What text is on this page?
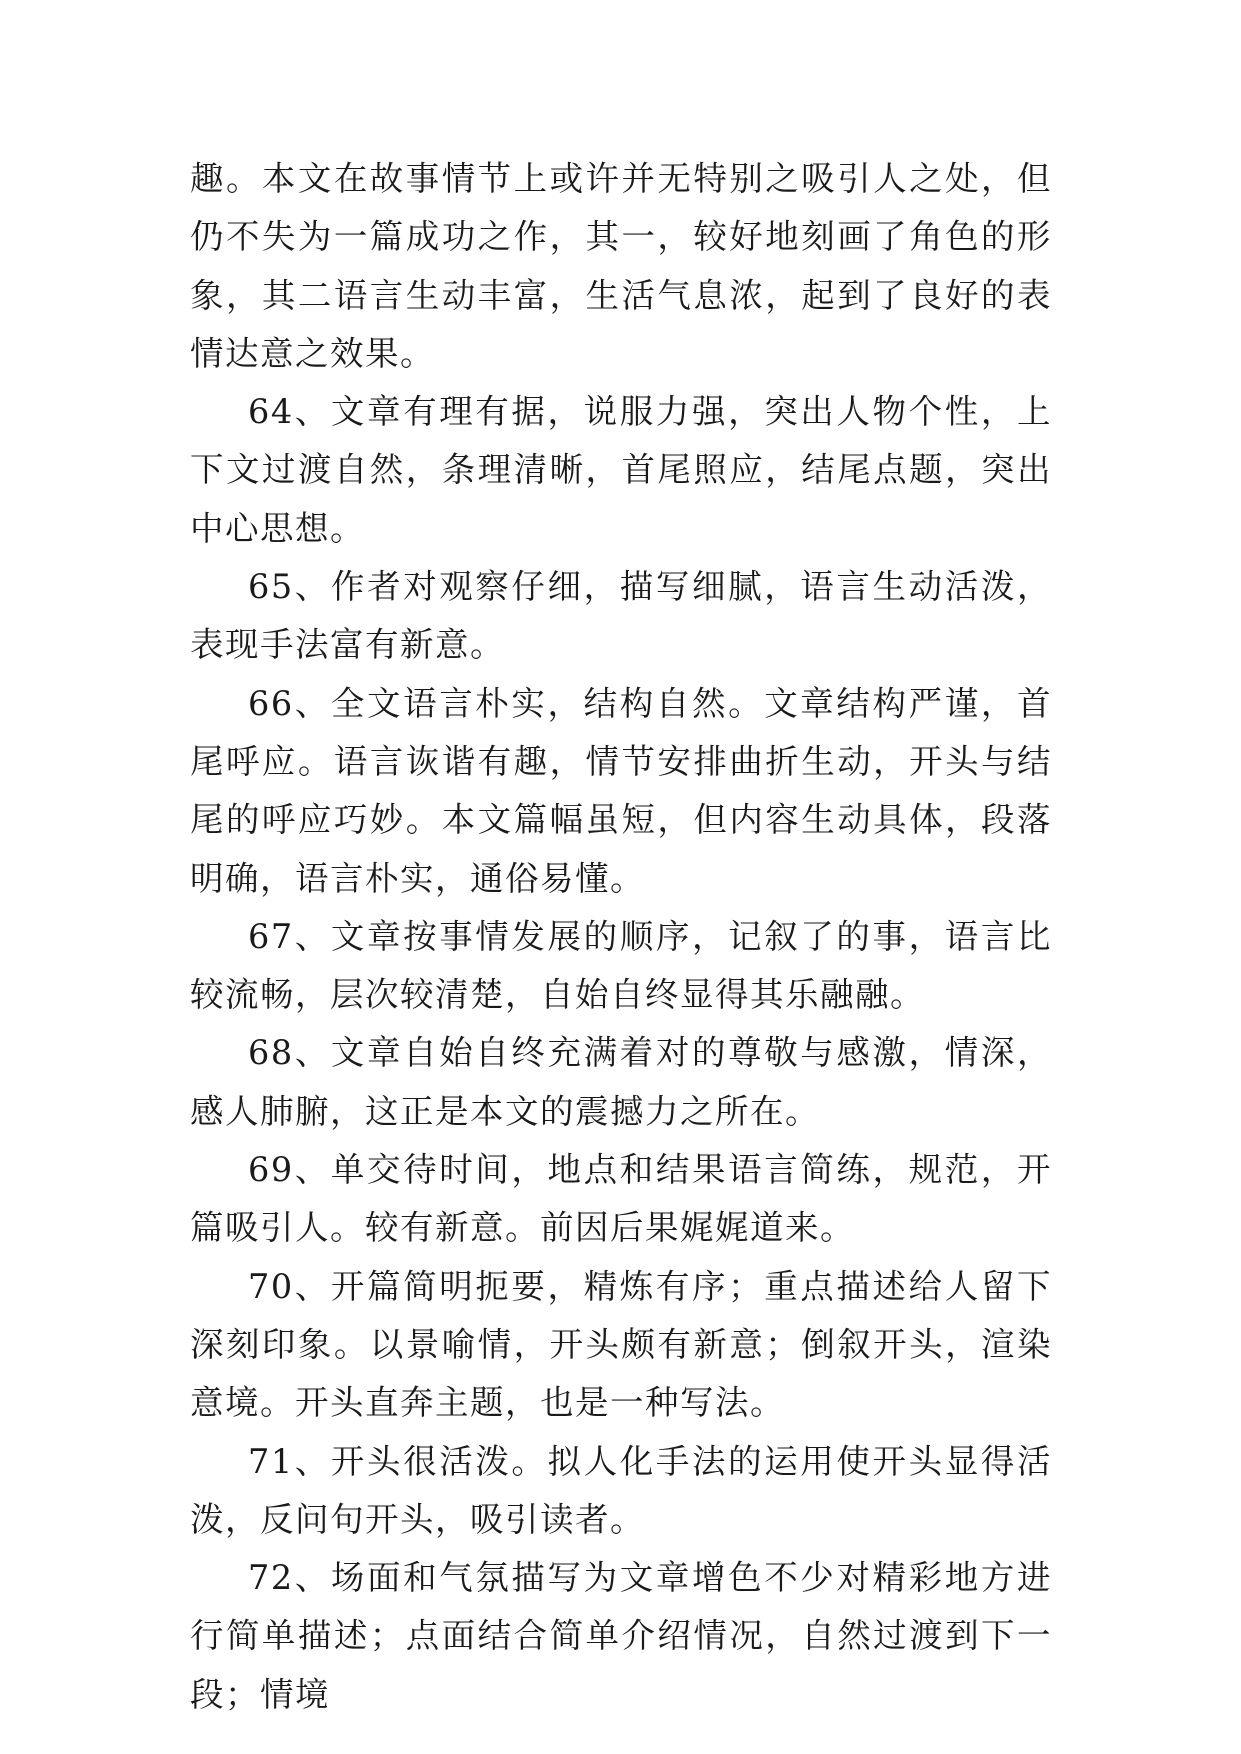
趣。本文在故事情节上或许并无特别之吸引人之处，但仍不失为一篇成功之作，其一，较好地刻画了角色的形象，其二语言生动丰富，生活气息浓，起到了良好的表情达意之效果。

64、文章有理有据，说服力强，突出人物个性，上下文过渡自然，条理清晰，首尾照应，结尾点题，突出中心思想。

65、作者对观察仔细，描写细腻，语言生动活泼，表现手法富有新意。

66、全文语言朴实，结构自然。文章结构严谨，首尾呼应。语言诙谐有趣，情节安排曲折生动，开头与结尾的呼应巧妙。本文篇幅虽短，但内容生动具体，段落明确，语言朴实，通俗易懂。

67、文章按事情发展的顺序，记叙了的事，语言比较流畅，层次较清楚，自始自终显得其乐融融。

68、文章自始自终充满着对的尊敬与感激，情深，感人肺腑，这正是本文的震撼力之所在。

69、单交待时间，地点和结果语言简练，规范，开篇吸引人。较有新意。前因后果娓娓道来。

70、开篇简明扼要，精炼有序；重点描述给人留下深刻印象。以景喻情，开头颇有新意；倒叙开头，渲染意境。开头直奔主题，也是一种写法。

71、开头很活泼。拟人化手法的运用使开头显得活泼，反问句开头，吸引读者。

72、场面和气氛描写为文章增色不少对精彩地方进行简单描述；点面结合简单介绍情况，自然过渡到下一段；情境
